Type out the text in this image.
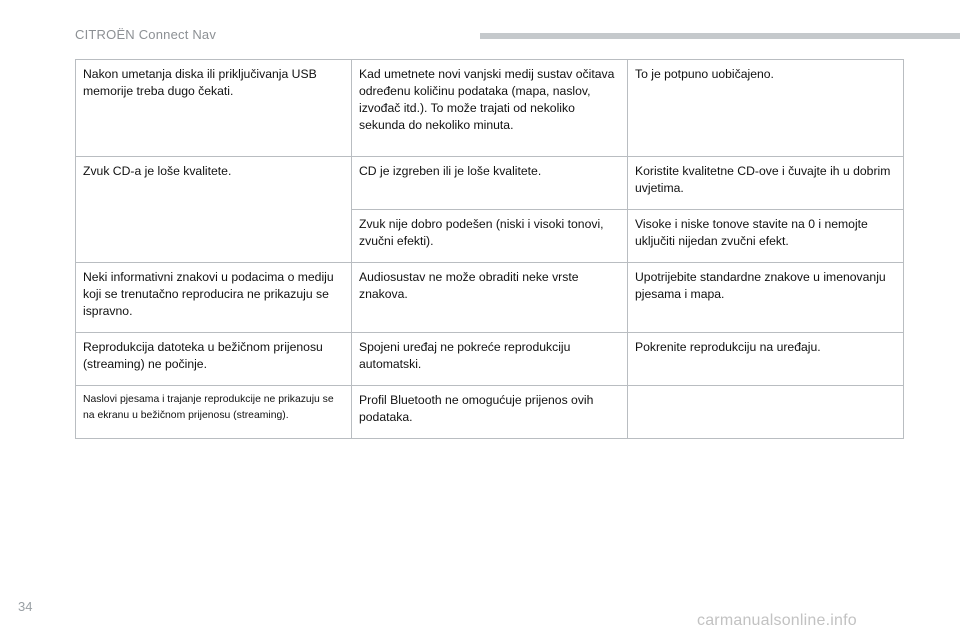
CITROËN Connect Nav
Nakon umetanja diska ili priključivanja USB memorije treba dugo čekati.	Kad umetnete novi vanjski medij sustav očitava određenu količinu podataka (mapa, naslov, izvođač itd.). To može trajati od nekoliko sekunda do nekoliko minuta.	To je potpuno uobičajeno.
Zvuk CD-a je loše kvalitete.	CD je izgreben ili je loše kvalitete.	Koristite kvalitetne CD-ove i čuvajte ih u dobrim uvjetima.
	Zvuk nije dobro podešen (niski i visoki tonovi, zvučni efekti).	Visoke i niske tonove stavite na 0 i nemojte uključiti nijedan zvučni efekt.
Neki informativni znakovi u podacima o mediju koji se trenutačno reproducira ne prikazuju se ispravno.	Audiosustav ne može obraditi neke vrste znakova.	Upotrijebite standardne znakove u imenovanju pjesama i mapa.
Reprodukcija datoteka u bežičnom prijenosu (streaming) ne počinje.	Spojeni uređaj ne pokreće reprodukciju automatski.	Pokrenite reprodukciju na uređaju.
Naslovi pjesama i trajanje reprodukcije ne prikazuju se na ekranu u bežičnom prijenosu (streaming).	Profil Bluetooth ne omogućuje prijenos ovih podataka.	
34
carmanualsonline.info
